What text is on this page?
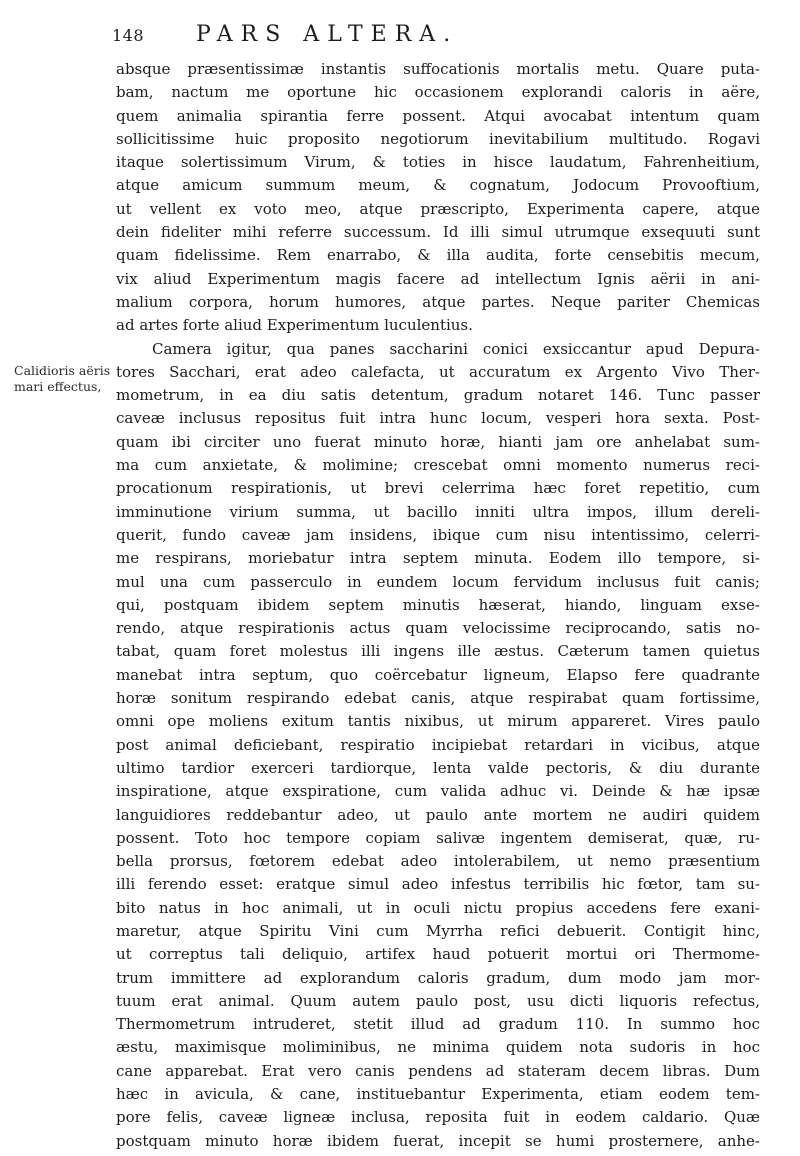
148 PARS ALTERA.
Calidioris aëris
mari effectus,
absque præsentissimæ instantis suffocationis mortalis metu. Quare puta-
bam, nactum me oportune hic occasionem explorandi caloris in aëre,
quem animalia spirantia ferre possent. Atqui avocabat intentum quam
sollicitissime huic proposito negotiorum inevitabilium multitudo. Rogavi
itaque solertissimum Virum, & toties in hisce laudatum, Fahrenheitium,
atque amicum summum meum, & cognatum, Jodocum Provooftium,
ut vellent ex voto meo, atque præscripto, Experimenta capere, atque
dein fideliter mihi referre successum. Id illi simul utrumque exsequuti sunt
quam fidelissime. Rem enarrabo, & illa audita, forte censebitis mecum,
vix aliud Experimentum magis facere ad intellectum Ignis aërii in ani-
malium corpora, horum humores, atque partes. Neque pariter Chemicas
ad artes forte aliud Experimentum luculentius.
Camera igitur, qua panes saccharini conici exsiccantur apud Depura-
tores Sacchari, erat adeo calefacta, ut accuratum ex Argento Vivo Ther-
mometrum, in ea diu satis detentum, gradum notaret 146. Tunc passer
caveæ inclusus repositus fuit intra hunc locum, vesperi hora sexta. Post-
quam ibi circiter uno fuerat minuto horæ, hianti jam ore anhelabat sum-
ma cum anxietate, & molimine; crescebat omni momento numerus reci-
procationum respirationis, ut brevi celerrima hæc foret repetitio, cum
imminutione virium summa, ut bacillo inniti ultra impos, illum dereli-
querit, fundo caveæ jam insidens, ibique cum nisu intentissimo, celerri-
me respirans, moriebatur intra septem minuta. Eodem illo tempore, si-
mul una cum passerculo in eundem locum fervidum inclusus fuit canis;
qui, postquam ibidem septem minutis hæserat, hiando, linguam exse-
rendo, atque respirationis actus quam velocissime reciprocando, satis no-
tabat, quam foret molestus illi ingens ille æstus. Cæterum tamen quietus
manebat intra septum, quo coërcebatur ligneum, Elapso fere quadrante
horæ sonitum respirando edebat canis, atque respirabat quam fortissime,
omni ope moliens exitum tantis nixibus, ut mirum appareret. Vires paulo
post animal deficiebant, respiratio incipiebat retardari in vicibus, atque
ultimo tardior exerceri tardiorque, lenta valde pectoris, & diu durante
inspiratione, atque exspiratione, cum valida adhuc vi. Deinde & hæ ipsæ
languidiores reddebantur adeo, ut paulo ante mortem ne audiri quidem
possent. Toto hoc tempore copiam salivæ ingentem demiserat, quæ, ru-
bella prorsus, fœtorem edebat adeo intolerabilem, ut nemo præsentium
illi ferendo esset: eratque simul adeo infestus terribilis hic fœtor, tam su-
bito natus in hoc animali, ut in oculi nictu propius accedens fere exani-
maretur, atque Spiritu Vini cum Myrrha refici debuerit. Contigit hinc,
ut correptus tali deliquio, artifex haud potuerit mortui ori Thermome-
trum immittere ad explorandum caloris gradum, dum modo jam mor-
tuum erat animal. Quum autem paulo post, usu dicti liquoris refectus,
Thermometrum intruderet, stetit illud ad gradum 110. In summo hoc
æstu, maximisque moliminibus, ne minima quidem nota sudoris in hoc
cane apparebat. Erat vero canis pendens ad stateram decem libras. Dum
hæc in avicula, & cane, instituebantur Experimenta, etiam eodem tem-
pore felis, caveæ ligneæ inclusa, reposita fuit in eodem caldario. Quæ
postquam minuto horæ ibidem fuerat, incepit se humi prosternere, anhe-
